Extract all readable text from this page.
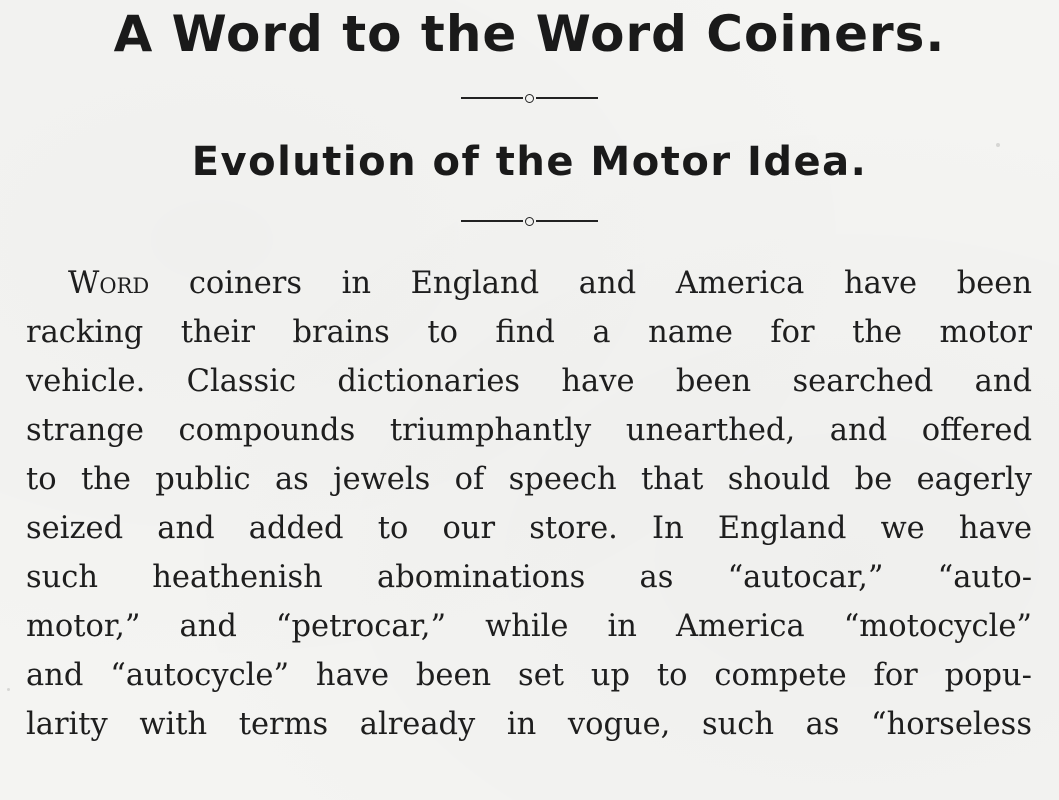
A Word to the Word Coiners.
Evolution of the Motor Idea.
Word coiners in England and America have been
racking their brains to find a name for the motor
vehicle. Classic dictionaries have been searched and
strange compounds triumphantly unearthed, and offered
to the public as jewels of speech that should be eagerly
seized and added to our store. In England we have
such heathenish abominations as “autocar,” “auto-
motor,” and “petrocar,” while in America “motocycle”
and “autocycle” have been set up to compete for popu-
larity with terms already in vogue, such as “horseless
